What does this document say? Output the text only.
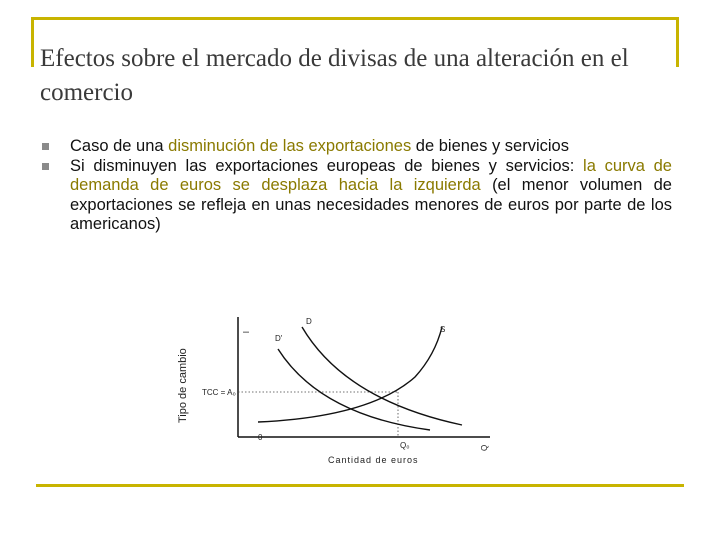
Efectos sobre el mercado de divisas de una alteración en el comercio
Caso de una disminución de las exportaciones de bienes y servicios
Si disminuyen las exportaciones europeas de bienes y servicios: la curva de demanda de euros se desplaza hacia la izquierda (el menor volumen de exportaciones se refleja en unas necesidades menores de euros por parte de los americanos)
Tipo de cambio
I
TCC = A₀
0
Q₀	Q
Cantidad de euros
D
D'
S
